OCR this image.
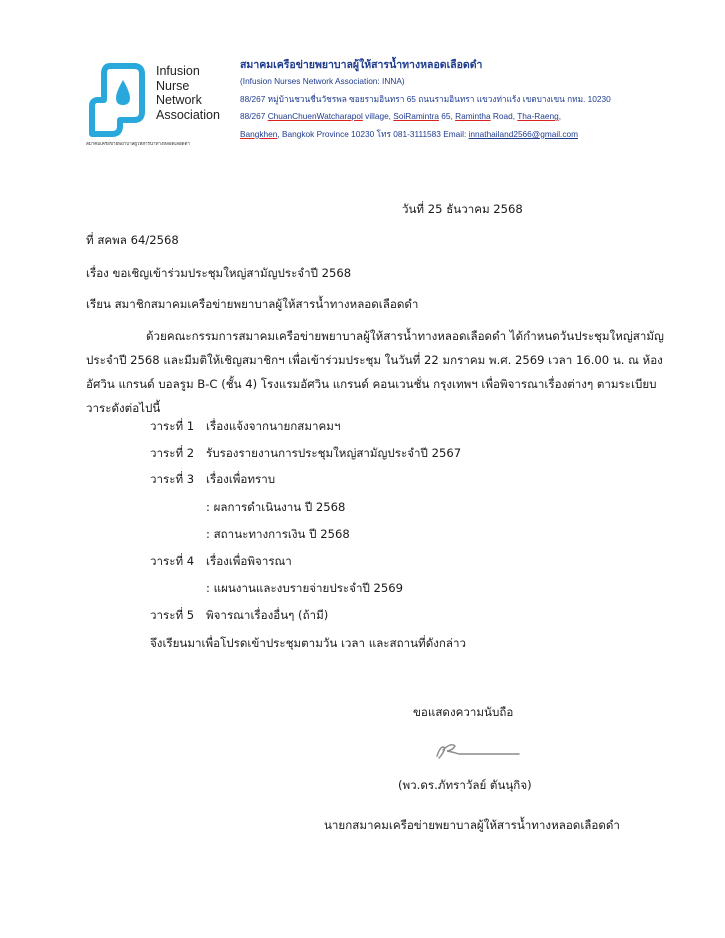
Infusion
Nurse
Network
Association
สมาคมเครือข่ายพยาบาลผู้ให้สารน้ำทางหลอดเลือดดำ
สมาคมเครือข่ายพยาบาลผู้ให้สารน้ำทางหลอดเลือดดำ
(Infusion Nurses Network Association: INNA)
88/267 หมู่บ้านชวนชื่นวัชรพล ซอยรามอินทรา 65 ถนนรามอินทรา แขวงท่าแร้ง เขตบางเขน กทม. 10230
88/267 ChuanChuenWatcharapol village, SoiRamintra 65, Ramintha Road, Tha-Raeng,
Bangkhen, Bangkok Province 10230 โทร 081-3111583 Email: innathailand2566@gmail.com
วันที่ 25 ธันวาคม 2568
ที่ สคพล 64/2568
เรื่อง ขอเชิญเข้าร่วมประชุมใหญ่สามัญประจำปี 2568
เรียน สมาชิกสมาคมเครือข่ายพยาบาลผู้ให้สารน้ำทางหลอดเลือดดำ
ด้วยคณะกรรมการสมาคมเครือข่ายพยาบาลผู้ให้สารน้ำทางหลอดเลือดดำ ได้กำหนดวันประชุมใหญ่สามัญ
ประจำปี 2568 และมีมติให้เชิญสมาชิกฯ เพื่อเข้าร่วมประชุม ในวันที่ 22 มกราคม พ.ศ. 2569 เวลา 16.00 น. ณ ห้อง
อัศวิน แกรนด์ บอลรูม B-C (ชั้น 4) โรงแรมอัศวิน แกรนด์ คอนเวนชั่น กรุงเทพฯ เพื่อพิจารณาเรื่องต่างๆ ตามระเบียบ
วาระดังต่อไปนี้
วาระที่ 1 เรื่องแจ้งจากนายกสมาคมฯ
วาระที่ 2 รับรองรายงานการประชุมใหญ่สามัญประจำปี 2567
วาระที่ 3 เรื่องเพื่อทราบ
: ผลการดำเนินงาน ปี 2568
: สถานะทางการเงิน ปี 2568
วาระที่ 4 เรื่องเพื่อพิจารณา
: แผนงานและงบรายจ่ายประจำปี 2569
วาระที่ 5 พิจารณาเรื่องอื่นๆ (ถ้ามี)
จึงเรียนมาเพื่อโปรดเข้าประชุมตามวัน เวลา และสถานที่ดังกล่าว
ขอแสดงความนับถือ
(พว.ดร.ภัทราวัลย์ ตันนุกิจ)
นายกสมาคมเครือข่ายพยาบาลผู้ให้สารน้ำทางหลอดเลือดดำ
